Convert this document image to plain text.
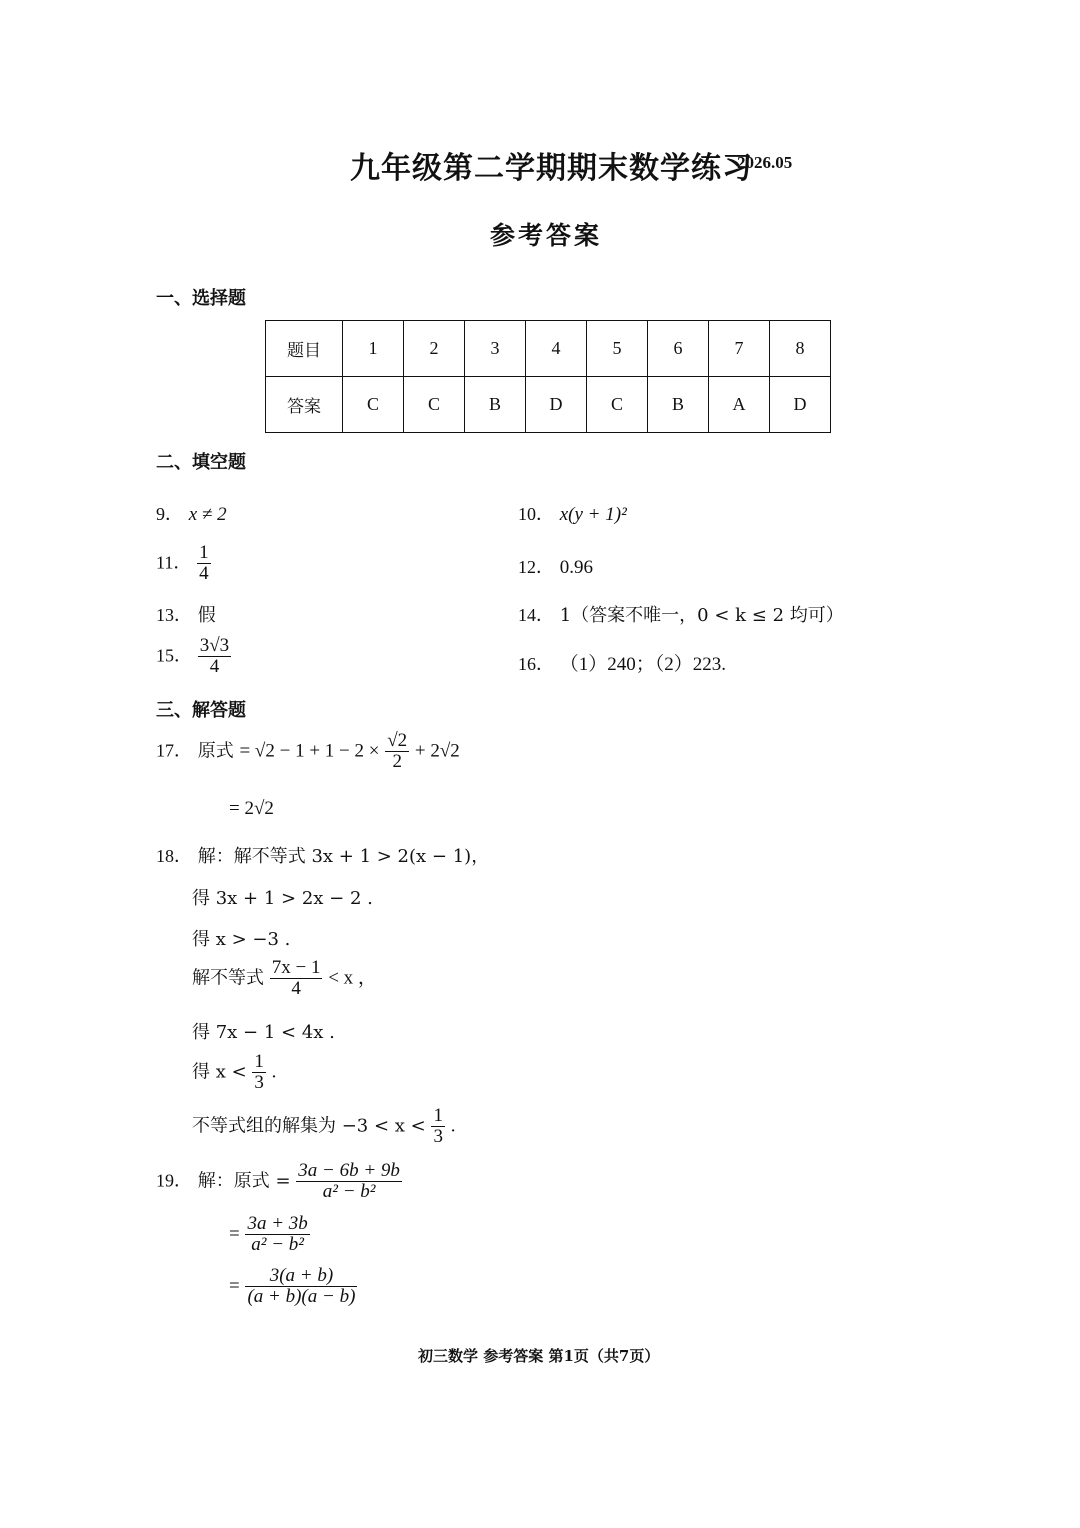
九年级第二学期期末数学练习
2026.05
参考答案
一、选择题
题目	1	2	3	4	5	6	7	8
答案	C	C	B	D	C	B	A	D
二、填空题
9． x ≠ 2	10． x(y + 1)²
11． $\frac{1}{4}$	12． 0.96
13． 假	14． 1（答案不唯一，0 < k ≤ 2 均可）
15． $\frac{3√3}{4}$	16． （1）240；（2）223.
三、解答题
17． 原式 = $√2 - 1 + 1 - 2 \times \frac{√2}{2} + 2√2$
= 2√2
18． 解：解不等式 3x + 1 > 2(x − 1)，
得 3x + 1 > 2x − 2 .
得 x > −3 .
解不等式 $\frac{7x - 1}{4} < x$ ，
得 7x − 1 < 4x .
得 $x < \frac{1}{3}$ .
不等式组的解集为 $-3 < x < \frac{1}{3}$ .
19． 解：原式 = $\frac{3a - 6b + 9b}{\text{a² − b²}}$
= $\frac{3a + 3b}{\text{a² − b²}}$
= $\frac{3(a + b)}{(a + b)(a - b)}$
初三数学 参考答案 第1页（共7页）
